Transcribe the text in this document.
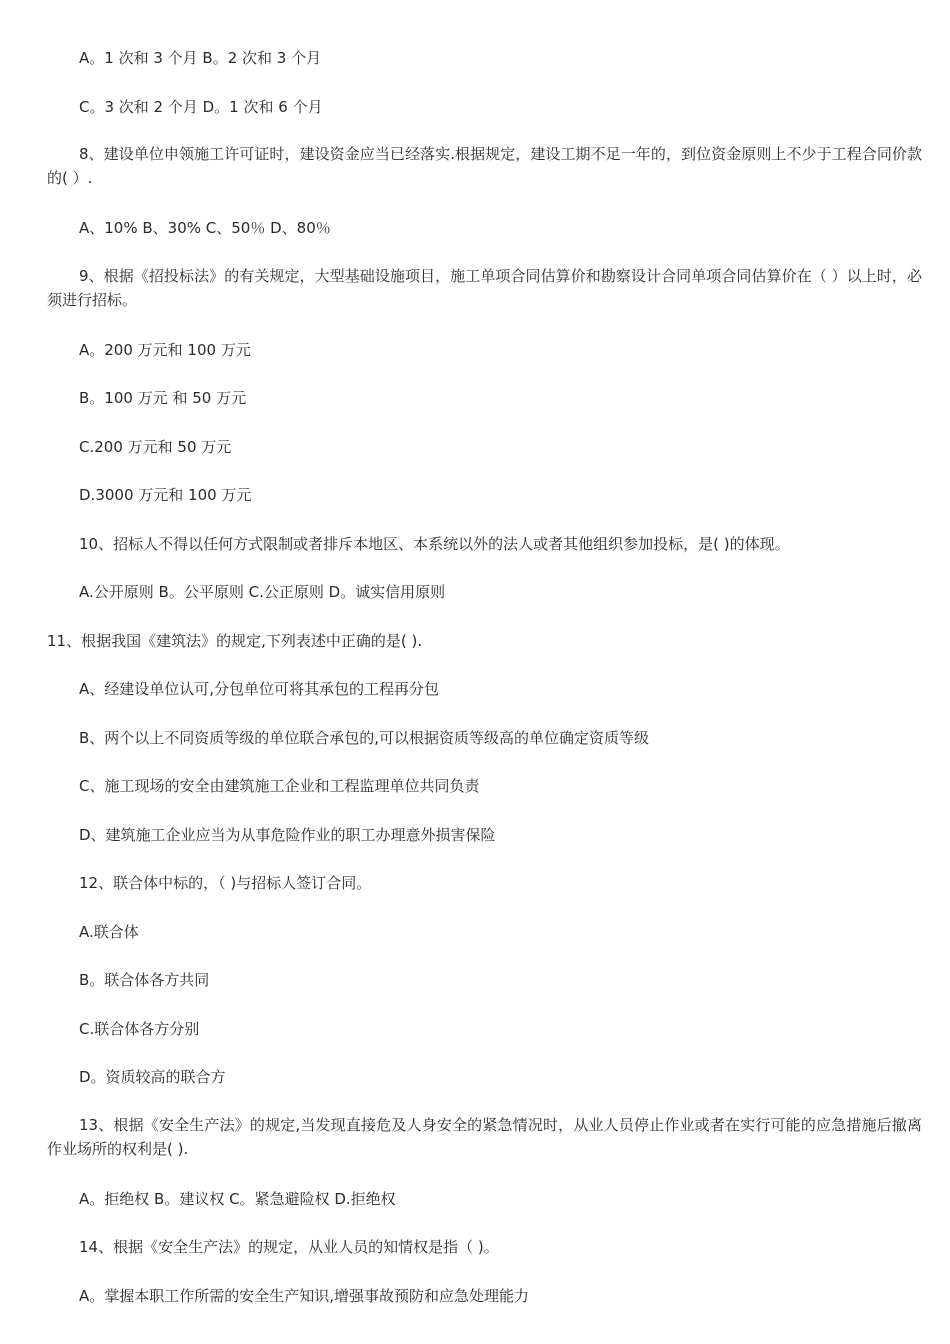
A。1 次和 3 个月 B。2 次和 3 个月
C。3 次和 2 个月 D。1 次和 6 个月
8、建设单位申领施工许可证时，建设资金应当已经落实.根据规定，建设工期不足一年的，到位资金原则上不少于工程合同价款的( ）.
A、10% B、30% C、50％ D、80％
9、根据《招投标法》的有关规定，大型基础设施项目，施工单项合同估算价和勘察设计合同单项合同估算价在（ ）以上时，必须进行招标。
A。200 万元和 100 万元
B。100 万元 和 50 万元
C.200 万元和 50 万元
D.3000 万元和 100 万元
10、招标人不得以任何方式限制或者排斥本地区、本系统以外的法人或者其他组织参加投标，是( )的体现。
A.公开原则 B。公平原则 C.公正原则 D。诚实信用原则
11、根据我国《建筑法》的规定,下列表述中正确的是( ).
A、经建设单位认可,分包单位可将其承包的工程再分包
B、两个以上不同资质等级的单位联合承包的,可以根据资质等级高的单位确定资质等级
C、施工现场的安全由建筑施工企业和工程监理单位共同负责
D、建筑施工企业应当为从事危险作业的职工办理意外损害保险
12、联合体中标的，（ )与招标人签订合同。
A.联合体
B。联合体各方共同
C.联合体各方分别
D。资质较高的联合方
13、根据《安全生产法》的规定,当发现直接危及人身安全的紧急情况时，从业人员停止作业或者在实行可能的应急措施后撤离作业场所的权利是( ).
A。拒绝权 B。建议权 C。紧急避险权 D.拒绝权
14、根据《安全生产法》的规定，从业人员的知情权是指（ )。
A。掌握本职工作所需的安全生产知识,增强事故预防和应急处理能力
